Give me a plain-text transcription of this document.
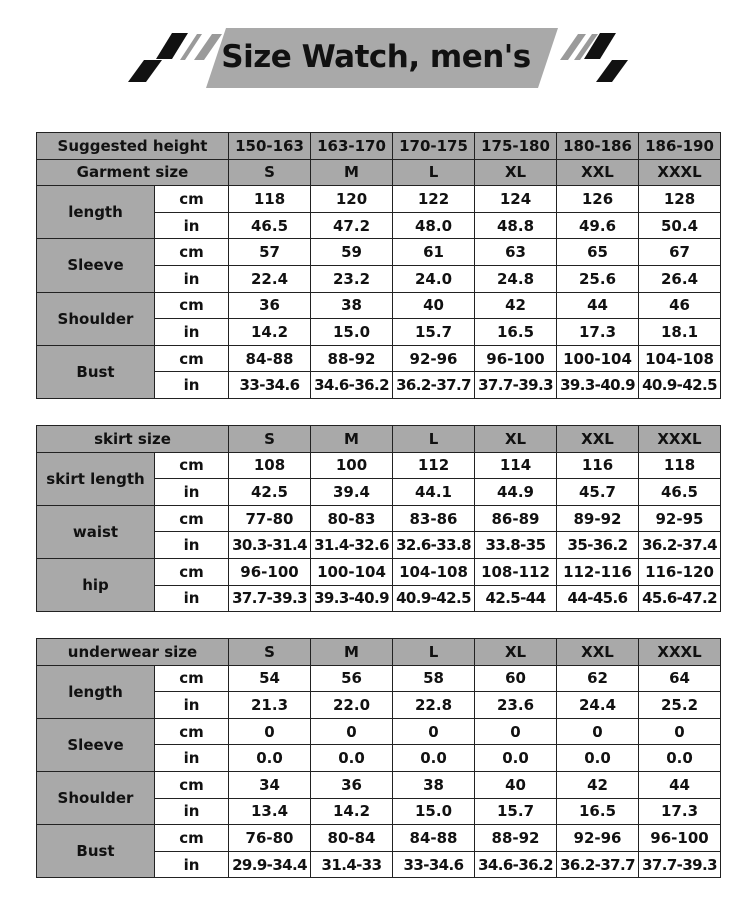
Size Watch, men's
Suggested height		150-163	163-170	170-175	175-180	180-186	186-190
Garment size		S	M	L	XL	XXL	XXXL
length	cm	118	120	122	124	126	128
	in	46.5	47.2	48.0	48.8	49.6	50.4
Sleeve	cm	57	59	61	63	65	67
	in	22.4	23.2	24.0	24.8	25.6	26.4
Shoulder	cm	36	38	40	42	44	46
	in	14.2	15.0	15.7	16.5	17.3	18.1
Bust	cm	84-88	88-92	92-96	96-100	100-104	104-108
	in	33-34.6	34.6-36.2	36.2-37.7	37.7-39.3	39.3-40.9	40.9-42.5
skirt size		S	M	L	XL	XXL	XXXL
skirt length	cm	108	100	112	114	116	118
	in	42.5	39.4	44.1	44.9	45.7	46.5
waist	cm	77-80	80-83	83-86	86-89	89-92	92-95
	in	30.3-31.4	31.4-32.6	32.6-33.8	33.8-35	35-36.2	36.2-37.4
hip	cm	96-100	100-104	104-108	108-112	112-116	116-120
	in	37.7-39.3	39.3-40.9	40.9-42.5	42.5-44	44-45.6	45.6-47.2
underwear size		S	M	L	XL	XXL	XXXL
length	cm	54	56	58	60	62	64
	in	21.3	22.0	22.8	23.6	24.4	25.2
Sleeve	cm	0	0	0	0	0	0
	in	0.0	0.0	0.0	0.0	0.0	0.0
Shoulder	cm	34	36	38	40	42	44
	in	13.4	14.2	15.0	15.7	16.5	17.3
Bust	cm	76-80	80-84	84-88	88-92	92-96	96-100
	in	29.9-34.4	31.4-33	33-34.6	34.6-36.2	36.2-37.7	37.7-39.3
